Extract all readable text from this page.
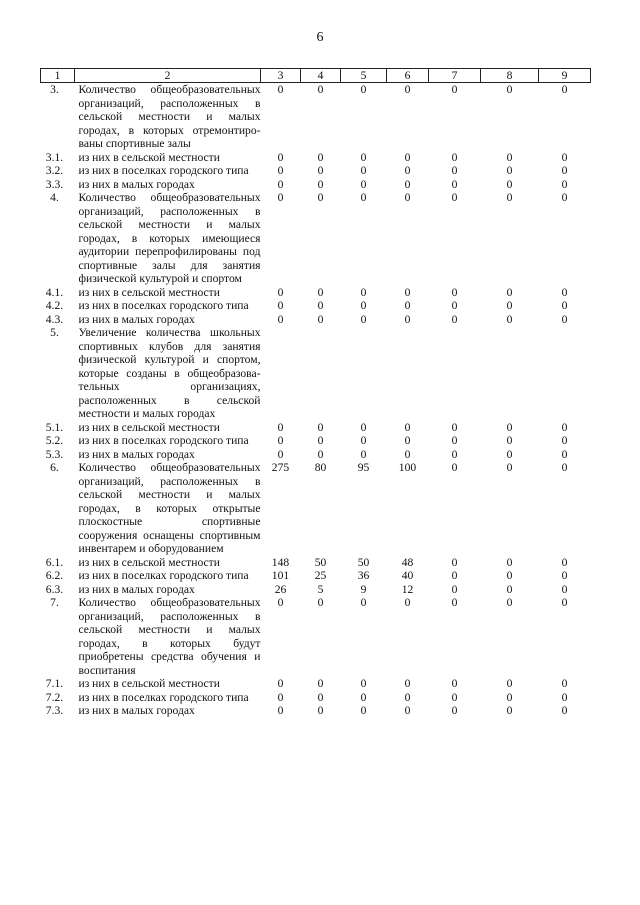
6
1	2	3	4	5	6	7	8	9
3.	Количество общеобразовательных организаций, расположенных в сельской местности и малых городах, в которых отремонтиро-ваны спортивные залы	0	0	0	0	0	0	0
3.1.	из них в сельской местности	0	0	0	0	0	0	0
3.2.	из них в поселках городского типа	0	0	0	0	0	0	0
3.3.	из них в малых городах	0	0	0	0	0	0	0
4.	Количество общеобразовательных организаций, расположенных в сельской местности и малых городах, в которых имеющиеся аудитории перепрофилированы под спортивные залы для занятия физической культурой и спортом	0	0	0	0	0	0	0
4.1.	из них в сельской местности	0	0	0	0	0	0	0
4.2.	из них в поселках городского типа	0	0	0	0	0	0	0
4.3.	из них в малых городах	0	0	0	0	0	0	0
5.	Увеличение количества школьных спортивных клубов для занятия физической культурой и спортом, которые созданы в общеобразова-тельных организациях, расположенных в сельской местности и малых городах							
5.1.	из них в сельской местности	0	0	0	0	0	0	0
5.2.	из них в поселках городского типа	0	0	0	0	0	0	0
5.3.	из них в малых городах	0	0	0	0	0	0	0
6.	Количество общеобразовательных организаций, расположенных в сельской местности и малых городах, в которых открытые плоскостные спортивные сооружения оснащены спортивным инвентарем и оборудованием	275	80	95	100	0	0	0
6.1.	из них в сельской местности	148	50	50	48	0	0	0
6.2.	из них в поселках городского типа	101	25	36	40	0	0	0
6.3.	из них в малых городах	26	5	9	12	0	0	0
7.	Количество общеобразовательных организаций, расположенных в сельской местности и малых городах, в которых будут приобретены средства обучения и воспитания	0	0	0	0	0	0	0
7.1.	из них в сельской местности	0	0	0	0	0	0	0
7.2.	из них в поселках городского типа	0	0	0	0	0	0	0
7.3.	из них в малых городах	0	0	0	0	0	0	0
